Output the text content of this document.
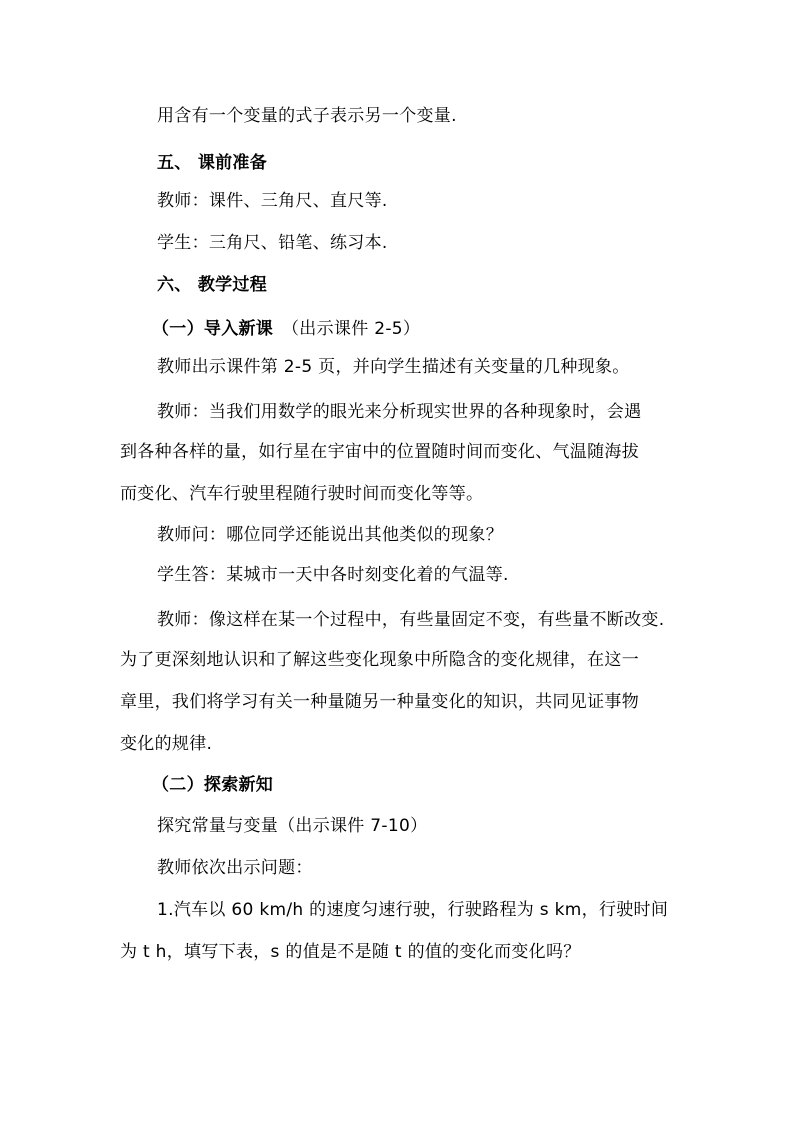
用含有一个变量的式子表示另一个变量.
五、 课前准备
教师：课件、三角尺、直尺等.
学生：三角尺、铅笔、练习本.
六、 教学过程
（一）导入新课 （出示课件 2-5）
教师出示课件第 2-5 页，并向学生描述有关变量的几种现象。
教师：当我们用数学的眼光来分析现实世界的各种现象时，会遇
到各种各样的量，如行星在宇宙中的位置随时间而变化、气温随海拔
而变化、汽车行驶里程随行驶时间而变化等等。
教师问：哪位同学还能说出其他类似的现象？
学生答：某城市一天中各时刻变化着的气温等.
教师：像这样在某一个过程中，有些量固定不变，有些量不断改变.
为了更深刻地认识和了解这些变化现象中所隐含的变化规律，在这一
章里，我们将学习有关一种量随另一种量变化的知识，共同见证事物
变化的规律.
（二）探索新知
探究常量与变量（出示课件 7-10）
教师依次出示问题：
1.汽车以 60 km/h 的速度匀速行驶，行驶路程为 s km，行驶时间
为 t h，填写下表，s 的值是不是随 t 的值的变化而变化吗？
